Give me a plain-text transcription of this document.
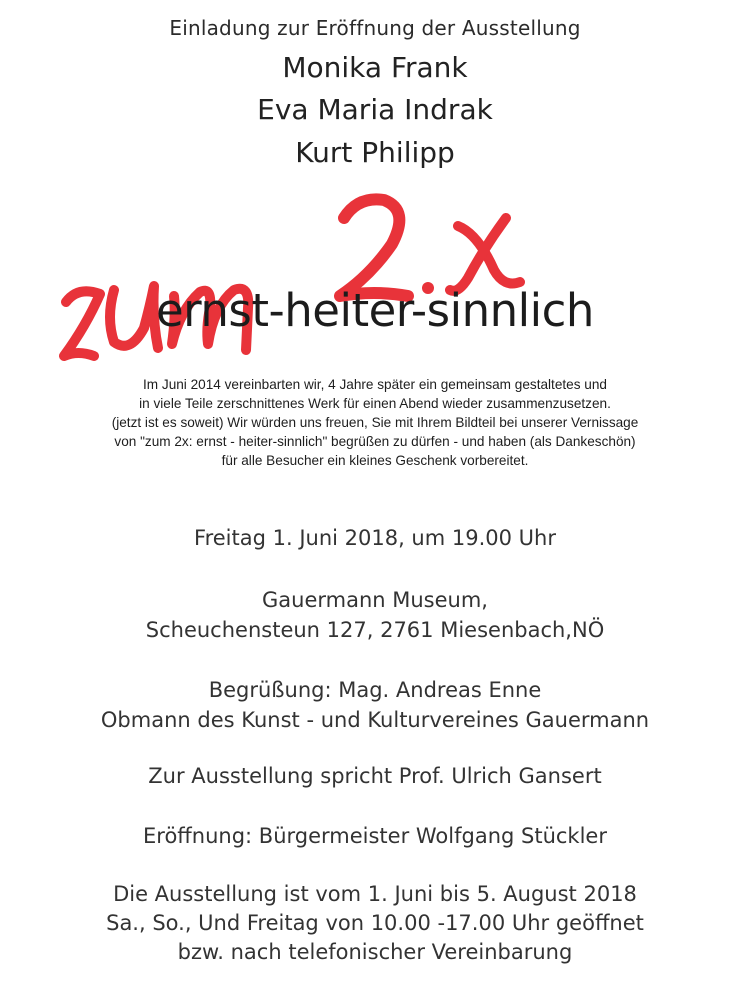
Einladung zur Eröffnung der Ausstellung
Monika Frank
Eva Maria Indrak
Kurt Philipp
ernst-heiter-sinnlich
Im Juni 2014 vereinbarten wir, 4 Jahre später ein gemeinsam gestaltetes und
in viele Teile zerschnittenes Werk für einen Abend wieder zusammenzusetzen.
(jetzt ist es soweit) Wir würden uns freuen, Sie mit Ihrem Bildteil bei unserer Vernissage
von "zum 2x: ernst - heiter-sinnlich" begrüßen zu dürfen - und haben (als Dankeschön)
für alle Besucher ein kleines Geschenk vorbereitet.
Freitag 1. Juni 2018, um 19.00 Uhr
Gauermann Museum,
Scheuchensteun 127, 2761 Miesenbach,NÖ
Begrüßung: Mag. Andreas Enne
Obmann des Kunst - und Kulturvereines Gauermann
Zur Ausstellung spricht Prof. Ulrich Gansert
Eröffnung: Bürgermeister Wolfgang Stückler
Die Ausstellung ist vom 1. Juni bis 5. August 2018
Sa., So., Und Freitag von 10.00 -17.00 Uhr geöffnet
bzw. nach telefonischer Vereinbarung
